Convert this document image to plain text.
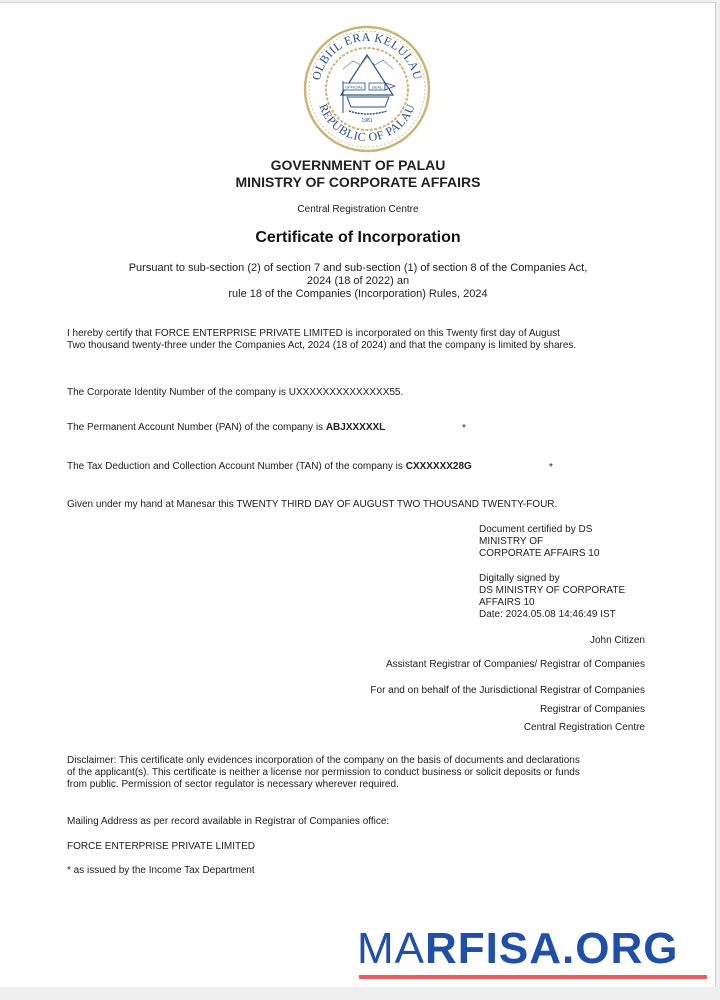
OLBIIL ERA KELULAU
REPUBLIC OF PALAU
OFFICIAL SEAL
1981
GOVERNMENT OF PALAU
MINISTRY OF CORPORATE AFFAIRS
Central Registration Centre
Certificate of Incorporation
Pursuant to sub-section (2) of section 7 and sub-section (1) of section 8 of the Companies Act,
2024 (18 of 2022) an
rule 18 of the Companies (Incorporation) Rules, 2024
I hereby certify that FORCE ENTERPRISE PRIVATE LIMITED is incorporated on this Twenty first day of August
Two thousand twenty-three under the Companies Act, 2024 (18 of 2024) and that the company is limited by shares.
The Corporate Identity Number of the company is UXXXXXXXXXXXXXX55.
The Permanent Account Number (PAN) of the company is ABJXXXXXL	*
The Tax Deduction and Collection Account Number (TAN) of the company is CXXXXXX28G	*
Given under my hand at Manesar this TWENTY THIRD DAY OF AUGUST TWO THOUSAND TWENTY-FOUR.
Document certified by DS
MINISTRY OF
CORPORATE AFFAIRS 10
Digitally signed by
DS MINISTRY OF CORPORATE
AFFAIRS 10
Date: 2024.05.08 14:46:49 IST
John Citizen
Assistant Registrar of Companies/ Registrar of Companies
For and on behalf of the Jurisdictional Registrar of Companies
Registrar of Companies
Central Registration Centre
Disclaimer: This certificate only evidences incorporation of the company on the basis of documents and declarations
of the applicant(s). This certificate is neither a license nor permission to conduct business or solicit deposits or funds
from public. Permission of sector regulator is necessary wherever required.
Mailing Address as per record available in Registrar of Companies office:
FORCE ENTERPRISE PRIVATE LIMITED
* as issued by the Income Tax Department
MARFISA.ORG
